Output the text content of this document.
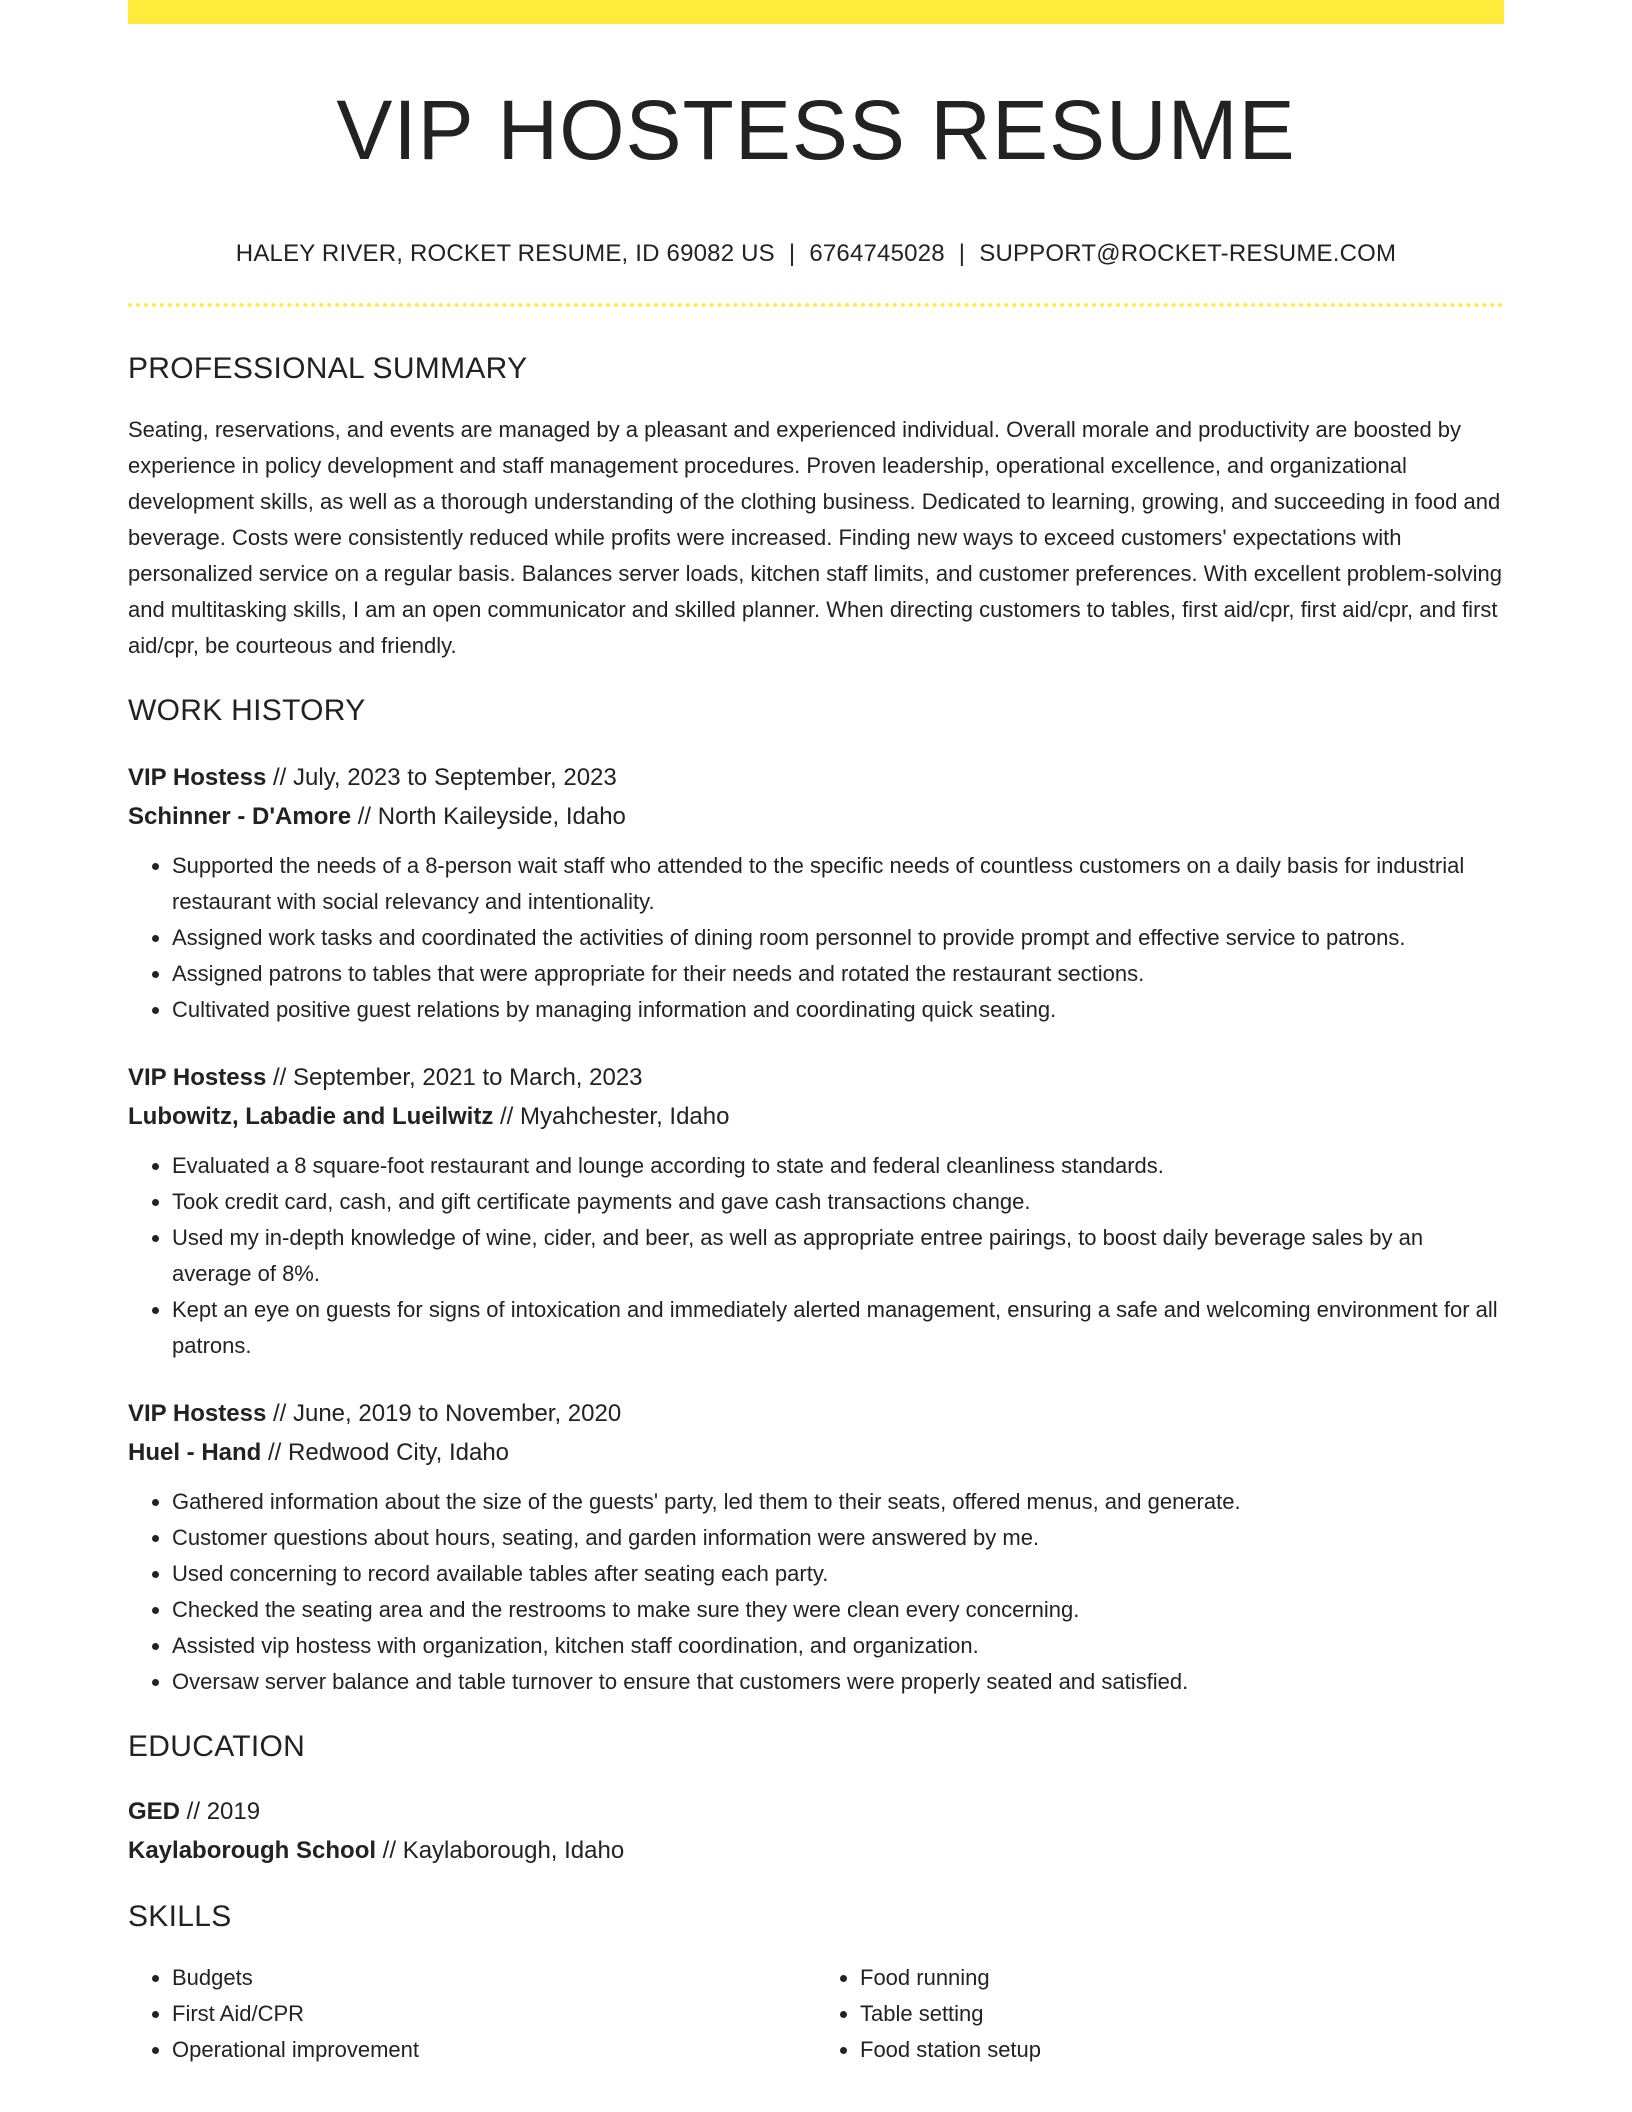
VIP HOSTESS RESUME
HALEY RIVER, ROCKET RESUME, ID 69082 US | 6764745028 | SUPPORT@ROCKET-RESUME.COM
PROFESSIONAL SUMMARY

Seating, reservations, and events are managed by a pleasant and experienced individual. Overall morale and productivity are boosted by experience in policy development and staff management procedures. Proven leadership, operational excellence, and organizational development skills, as well as a thorough understanding of the clothing business. Dedicated to learning, growing, and succeeding in food and beverage. Costs were consistently reduced while profits were increased. Finding new ways to exceed customers' expectations with personalized service on a regular basis. Balances server loads, kitchen staff limits, and customer preferences. With excellent problem-solving and multitasking skills, I am an open communicator and skilled planner. When directing customers to tables, first aid/cpr, first aid/cpr, and first aid/cpr, be courteous and friendly.

WORK HISTORY
VIP Hostess // July, 2023 to September, 2023
Schinner - D'Amore // North Kaileyside, Idaho
• Supported the needs of a 8-person wait staff who attended to the specific needs of countless customers on a daily basis for industrial restaurant with social relevancy and intentionality.
• Assigned work tasks and coordinated the activities of dining room personnel to provide prompt and effective service to patrons.
• Assigned patrons to tables that were appropriate for their needs and rotated the restaurant sections.
• Cultivated positive guest relations by managing information and coordinating quick seating.
VIP Hostess // September, 2021 to March, 2023
Lubowitz, Labadie and Lueilwitz // Myahchester, Idaho
• Evaluated a 8 square-foot restaurant and lounge according to state and federal cleanliness standards.
• Took credit card, cash, and gift certificate payments and gave cash transactions change.
• Used my in-depth knowledge of wine, cider, and beer, as well as appropriate entree pairings, to boost daily beverage sales by an average of 8%.
• Kept an eye on guests for signs of intoxication and immediately alerted management, ensuring a safe and welcoming environment for all patrons.
VIP Hostess // June, 2019 to November, 2020
Huel - Hand // Redwood City, Idaho
• Gathered information about the size of the guests' party, led them to their seats, offered menus, and generate.
• Customer questions about hours, seating, and garden information were answered by me.
• Used concerning to record available tables after seating each party.
• Checked the seating area and the restrooms to make sure they were clean every concerning.
• Assisted vip hostess with organization, kitchen staff coordination, and organization.
• Oversaw server balance and table turnover to ensure that customers were properly seated and satisfied.
EDUCATION
GED // 2019
Kaylaborough School // Kaylaborough, Idaho
SKILLS
• Budgets
• First Aid/CPR
• Operational improvement
• Food running
• Table setting
• Food station setup
